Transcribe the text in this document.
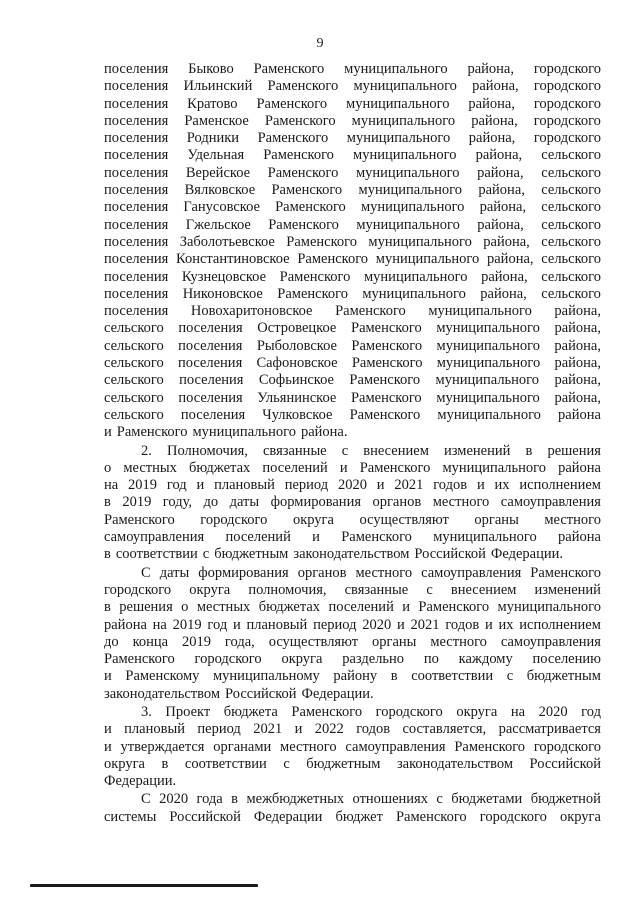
9
поселения Быково Раменского муниципального района, городского
поселения Ильинский Раменского муниципального района, городского
поселения Кратово Раменского муниципального района, городского
поселения Раменское Раменского муниципального района, городского
поселения Родники Раменского муниципального района, городского
поселения Удельная Раменского муниципального района, сельского
поселения Верейское Раменского муниципального района, сельского
поселения Вялковское Раменского муниципального района, сельского
поселения Ганусовское Раменского муниципального района, сельского
поселения Гжельское Раменского муниципального района, сельского
поселения Заболотьевское Раменского муниципального района, сельского
поселения Константиновское Раменского муниципального района, сельского
поселения Кузнецовское Раменского муниципального района, сельского
поселения Никоновское Раменского муниципального района, сельского
поселения Новохаритоновское Раменского муниципального района,
сельского поселения Островецкое Раменского муниципального района,
сельского поселения Рыболовское Раменского муниципального района,
сельского поселения Сафоновское Раменского муниципального района,
сельского поселения Софьинское Раменского муниципального района,
сельского поселения Ульянинское Раменского муниципального района,
сельского поселения Чулковское Раменского муниципального района
и Раменского муниципального района.
2. Полномочия, связанные с внесением изменений в решения
о местных бюджетах поселений и Раменского муниципального района
на 2019 год и плановый период 2020 и 2021 годов и их исполнением
в 2019 году, до даты формирования органов местного самоуправления
Раменского городского округа осуществляют органы местного
самоуправления поселений и Раменского муниципального района
в соответствии с бюджетным законодательством Российской Федерации.
С даты формирования органов местного самоуправления Раменского
городского округа полномочия, связанные с внесением изменений
в решения о местных бюджетах поселений и Раменского муниципального
района на 2019 год и плановый период 2020 и 2021 годов и их исполнением
до конца 2019 года, осуществляют органы местного самоуправления
Раменского городского округа раздельно по каждому поселению
и Раменскому муниципальному району в соответствии с бюджетным
законодательством Российской Федерации.
3. Проект бюджета Раменского городского округа на 2020 год
и плановый период 2021 и 2022 годов составляется, рассматривается
и утверждается органами местного самоуправления Раменского городского
округа в соответствии с бюджетным законодательством Российской
Федерации.
С 2020 года в межбюджетных отношениях с бюджетами бюджетной
системы Российской Федерации бюджет Раменского городского округа
